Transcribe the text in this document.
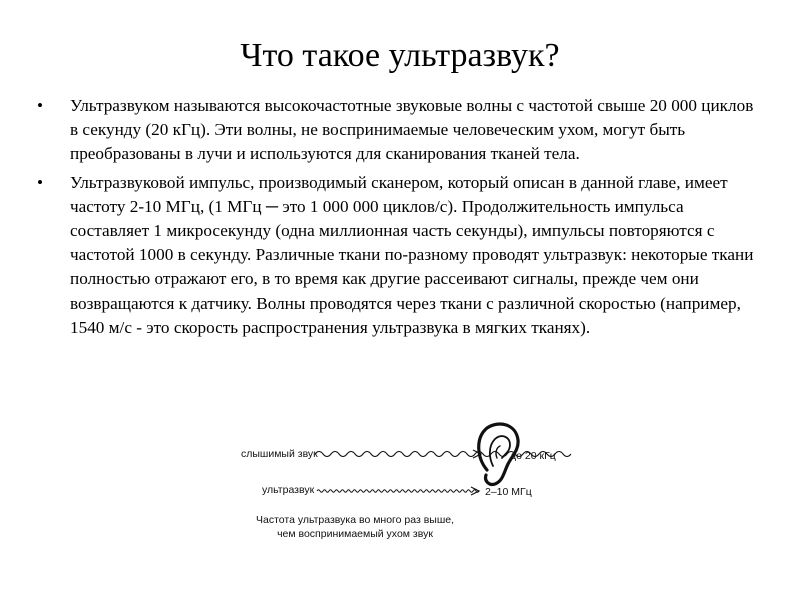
Что такое ультразвук?
• Ультразвуком называются высокочастотные звуковые волны с частотой свыше 20 000 циклов в секунду (20 кГц). Эти волны, не воспринимаемые человеческим ухом, могут быть преобразованы в лучи и используются для сканирования тканей тела.
• Ультразвуковой импульс, производимый сканером, который описан в данной главе, имеет частоту 2-10 МГц, (1 МГц ─ это 1 000 000 циклов/с). Продолжительность импульса составляет 1 микросекунду (одна миллионная часть секунды), импульсы повторяются с частотой 1000 в секунду. Различные ткани по-разному проводят ультразвук: некоторые ткани полностью отражают его, в то время как другие рассеивают сигналы, прежде чем они возвращаются к датчику. Волны проводятся через ткани с различной скоростью (например, 1540 м/с - это скорость распространения ультразвука в мягких тканях).
слышимый звук	до 20 кГц
ультразвук	2–10 МГц
Частота ультразвука во много раз выше,
чем воспринимаемый ухом звук
